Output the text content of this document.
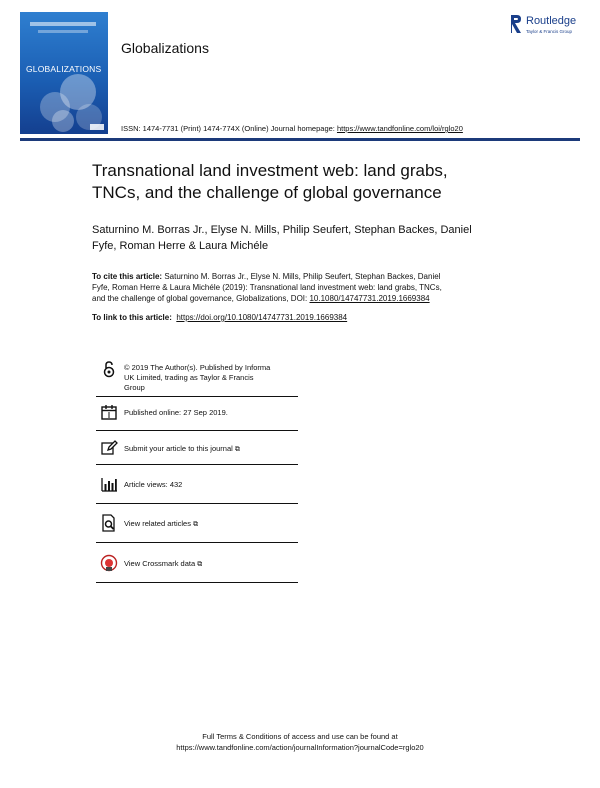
GLOBALIZATIONS
Globalizations
Routledge
Taylor & Francis Group
ISSN: 1474-7731 (Print) 1474-774X (Online) Journal homepage: https://www.tandfonline.com/loi/rglo20
Transnational land investment web: land grabs,
TNCs, and the challenge of global governance
Saturnino M. Borras Jr., Elyse N. Mills, Philip Seufert, Stephan Backes, Daniel
Fyfe, Roman Herre & Laura Michéle
To cite this article: Saturnino M. Borras Jr., Elyse N. Mills, Philip Seufert, Stephan Backes, Daniel
Fyfe, Roman Herre & Laura Michéle (2019): Transnational land investment web: land grabs, TNCs,
and the challenge of global governance, Globalizations, DOI: 10.1080/14747731.2019.1669384
To link to this article: https://doi.org/10.1080/14747731.2019.1669384
© 2019 The Author(s). Published by Informa
UK Limited, trading as Taylor & Francis
Group
Published online: 27 Sep 2019.
Submit your article to this journal ⧉
Article views: 432
View related articles ⧉
View Crossmark data ⧉
Full Terms & Conditions of access and use can be found at
https://www.tandfonline.com/action/journalInformation?journalCode=rglo20
